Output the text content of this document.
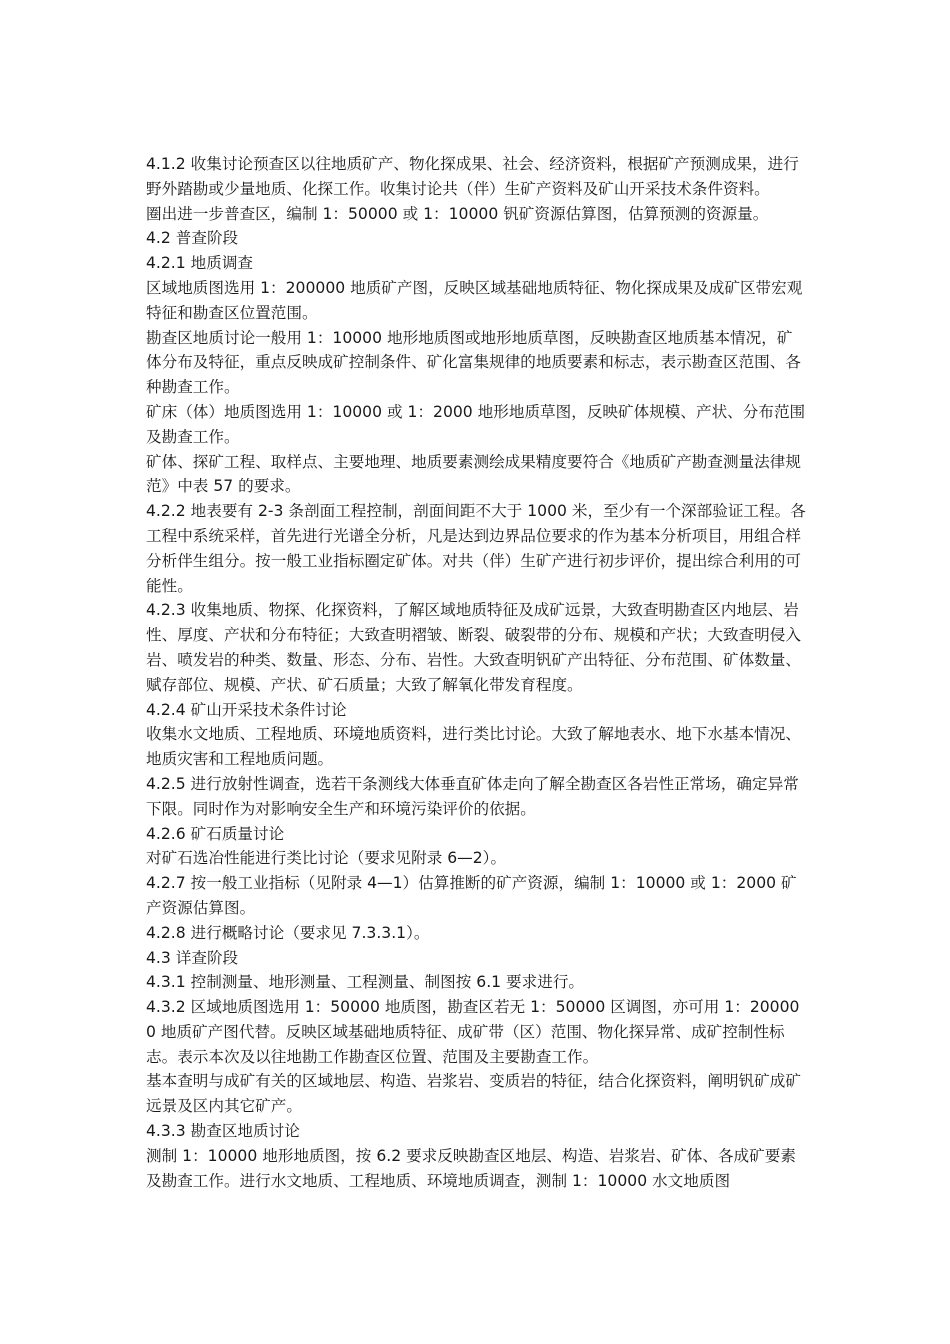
4.1.2 收集讨论预查区以往地质矿产、物化探成果、社会、经济资料，根据矿产预测成果，进行野外踏勘或少量地质、化探工作。收集讨论共（伴）生矿产资料及矿山开采技术条件资料。

圈出进一步普查区，编制 1：50000 或 1：10000 钒矿资源估算图，估算预测的资源量。

4.2 普查阶段

4.2.1 地质调查

区域地质图选用 1：200000 地质矿产图，反映区域基础地质特征、物化探成果及成矿区带宏观特征和勘查区位置范围。

勘查区地质讨论一般用 1：10000 地形地质图或地形地质草图，反映勘查区地质基本情况，矿体分布及特征，重点反映成矿控制条件、矿化富集规律的地质要素和标志，表示勘查区范围、各种勘查工作。

矿床（体）地质图选用 1：10000 或 1：2000 地形地质草图，反映矿体规模、产状、分布范围及勘查工作。

矿体、探矿工程、取样点、主要地理、地质要素测绘成果精度要符合《地质矿产勘查测量法律规范》中表 57 的要求。

4.2.2 地表要有 2-3 条剖面工程控制，剖面间距不大于 1000 米，至少有一个深部验证工程。各工程中系统采样，首先进行光谱全分析，凡是达到边界品位要求的作为基本分析项目，用组合样分析伴生组分。按一般工业指标圈定矿体。对共（伴）生矿产进行初步评价，提出综合利用的可能性。

4.2.3 收集地质、物探、化探资料，了解区域地质特征及成矿远景，大致查明勘查区内地层、岩性、厚度、产状和分布特征；大致查明褶皱、断裂、破裂带的分布、规模和产状；大致查明侵入岩、喷发岩的种类、数量、形态、分布、岩性。大致查明钒矿产出特征、分布范围、矿体数量、赋存部位、规模、产状、矿石质量；大致了解氧化带发育程度。

4.2.4 矿山开采技术条件讨论

收集水文地质、工程地质、环境地质资料，进行类比讨论。大致了解地表水、地下水基本情况、地质灾害和工程地质问题。

4.2.5 进行放射性调查，选若干条测线大体垂直矿体走向了解全勘查区各岩性正常场，确定异常下限。同时作为对影响安全生产和环境污染评价的依据。

4.2.6 矿石质量讨论

对矿石选冶性能进行类比讨论（要求见附录 6—2）。

4.2.7 按一般工业指标（见附录 4—1）估算推断的矿产资源，编制 1：10000 或 1：2000 矿产资源估算图。

4.2.8 进行概略讨论（要求见 7.3.3.1）。

4.3 详查阶段

4.3.1 控制测量、地形测量、工程测量、制图按 6.1 要求进行。

4.3.2 区域地质图选用 1：50000 地质图，勘查区若无 1：50000 区调图，亦可用 1：200000 地质矿产图代替。反映区域基础地质特征、成矿带（区）范围、物化探异常、成矿控制性标志。表示本次及以往地勘工作勘查区位置、范围及主要勘查工作。

基本查明与成矿有关的区域地层、构造、岩浆岩、变质岩的特征，结合化探资料，阐明钒矿成矿远景及区内其它矿产。

4.3.3 勘查区地质讨论

测制 1：10000 地形地质图，按 6.2 要求反映勘查区地层、构造、岩浆岩、矿体、各成矿要素及勘查工作。进行水文地质、工程地质、环境地质调查，测制 1：10000 水文地质图
